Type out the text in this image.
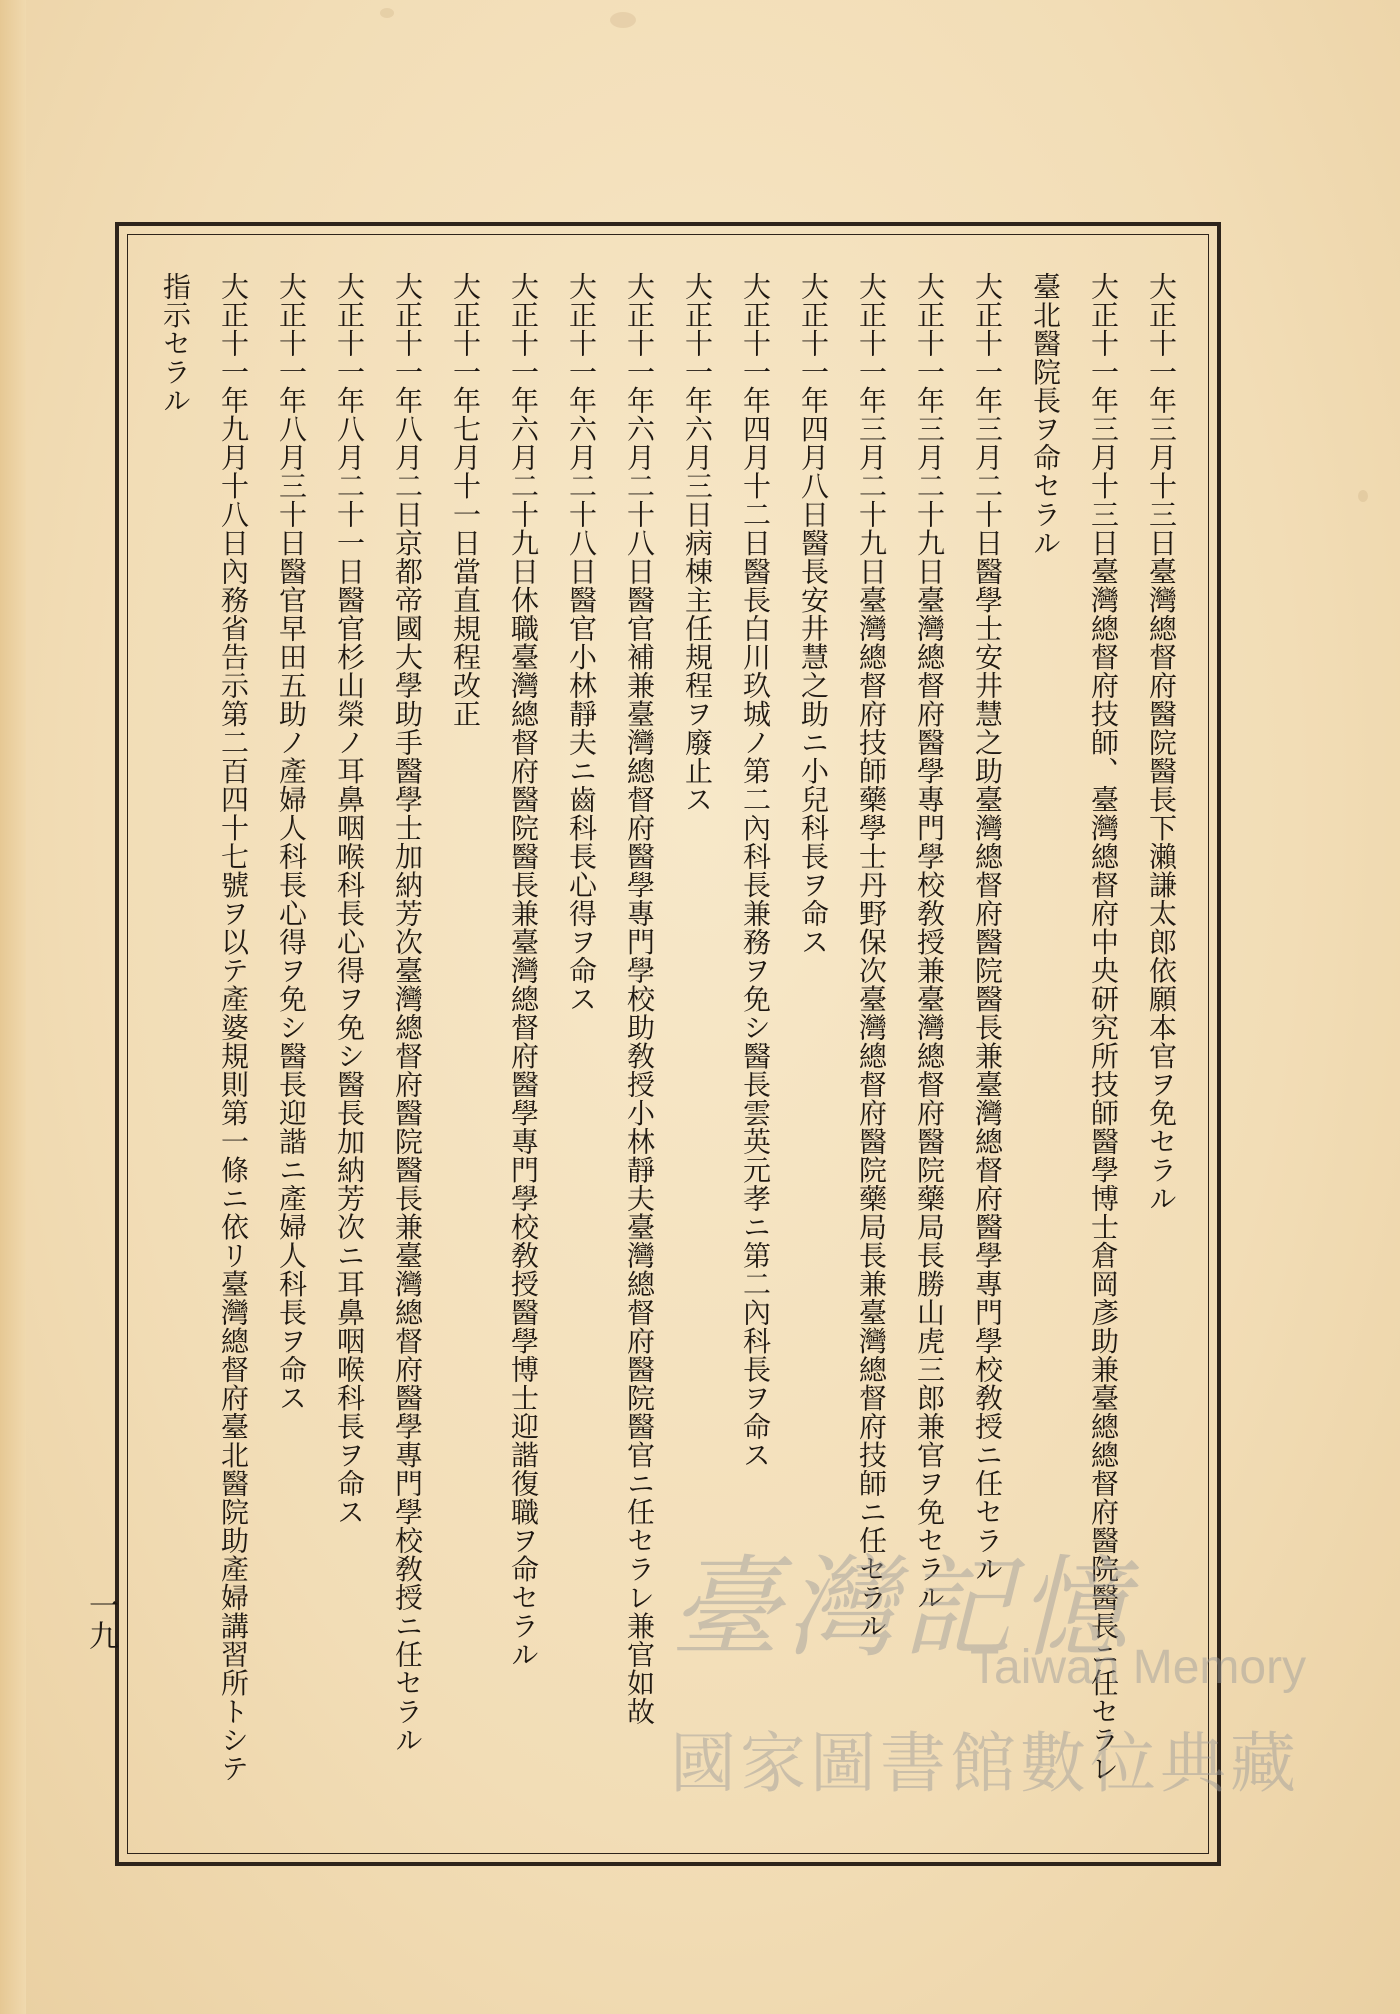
大正十一年三月十三日臺灣總督府醫院醫長下瀨謙太郎依願本官ヲ免セラル
大正十一年三月十三日臺灣總督府技師、臺灣總督府中央研究所技師醫學博士倉岡彥助兼臺總總督府醫院醫長ニ任セラレ
臺北醫院長ヲ命セラル
大正十一年三月二十日醫學士安井慧之助臺灣總督府醫院醫長兼臺灣總督府醫學專門學校敎授ニ任セラル
大正十一年三月二十九日臺灣總督府醫學專門學校敎授兼臺灣總督府醫院藥局長勝山虎三郎兼官ヲ免セラル
大正十一年三月二十九日臺灣總督府技師藥學士丹野保次臺灣總督府醫院藥局長兼臺灣總督府技師ニ任セラル
大正十一年四月八日醫長安井慧之助ニ小兒科長ヲ命ス
大正十一年四月十二日醫長白川玖城ノ第二內科長兼務ヲ免シ醫長雲英元孝ニ第二內科長ヲ命ス
大正十一年六月三日病棟主任規程ヲ廢止ス
大正十一年六月二十八日醫官補兼臺灣總督府醫學專門學校助敎授小林靜夫臺灣總督府醫院醫官ニ任セラレ兼官如故
大正十一年六月二十八日醫官小林靜夫ニ齒科長心得ヲ命ス
大正十一年六月二十九日休職臺灣總督府醫院醫長兼臺灣總督府醫學專門學校敎授醫學博士迎諧復職ヲ命セラル
大正十一年七月十一日當直規程改正
大正十一年八月二日京都帝國大學助手醫學士加納芳次臺灣總督府醫院醫長兼臺灣總督府醫學專門學校敎授ニ任セラル
大正十一年八月二十一日醫官杉山榮ノ耳鼻咽喉科長心得ヲ免シ醫長加納芳次ニ耳鼻咽喉科長ヲ命ス
大正十一年八月三十日醫官早田五助ノ產婦人科長心得ヲ免シ醫長迎諧ニ產婦人科長ヲ命ス
大正十一年九月十八日內務省告示第二百四十七號ヲ以テ產婆規則第一條ニ依リ臺灣總督府臺北醫院助產婦講習所トシテ
指示セラル
一九	臺灣記憶
Taiwan Memory
國家圖書館數位典藏
